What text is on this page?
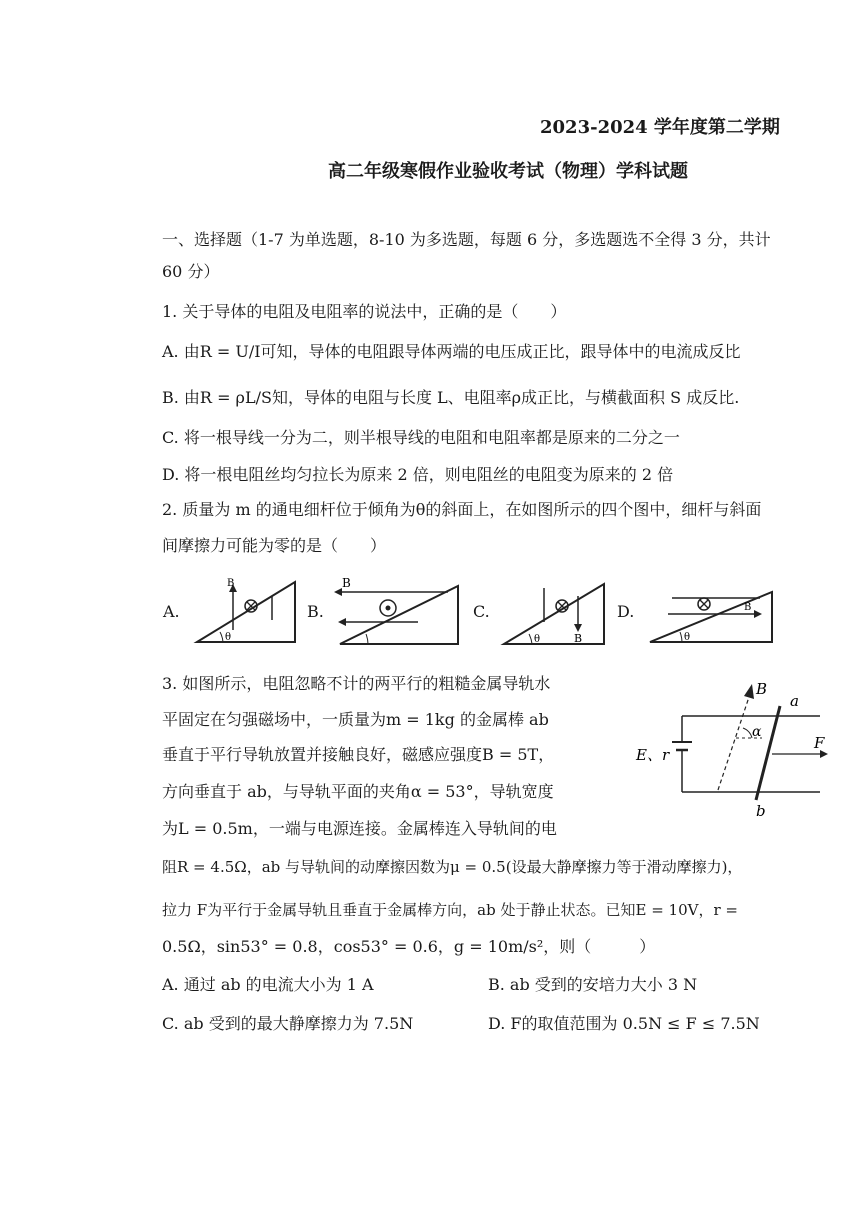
2023-2024 学年度第二学期
高二年级寒假作业验收考试（物理）学科试题
一、选择题（1-7 为单选题，8-10 为多选题，每题 6 分，多选题选不全得 3 分，共计
60 分）
1. 关于导体的电阻及电阻率的说法中，正确的是（　　）
A. 由R = U/I可知，导体的电阻跟导体两端的电压成正比，跟导体中的电流成反比
B. 由R = ρL/S知，导体的电阻与长度 L、电阻率ρ成正比，与横截面积 S 成反比.
C. 将一根导线一分为二，则半根导线的电阻和电阻率都是原来的二分之一
D. 将一根电阻丝均匀拉长为原来 2 倍，则电阻丝的电阻变为原来的 2 倍
2. 质量为 m 的通电细杆位于倾角为θ的斜面上，在如图所示的四个图中，细杆与斜面
间摩擦力可能为零的是（　　）
A.	B.	C.	D.
B
θ
B
B
θ
B
θ
3. 如图所示，电阻忽略不计的两平行的粗糙金属导轨水
平固定在匀强磁场中，一质量为m = 1kg 的金属棒 ab
垂直于平行导轨放置并接触良好，磁感应强度B = 5T，
方向垂直于 ab，与导轨平面的夹角α = 53°，导轨宽度
为L = 0.5m，一端与电源连接。金属棒连入导轨间的电
阻R = 4.5Ω，ab 与导轨间的动摩擦因数为μ = 0.5(设最大静摩擦力等于滑动摩擦力)，
拉力 F为平行于金属导轨且垂直于金属棒方向，ab 处于静止状态。已知E = 10V，r =
0.5Ω，sin53° = 0.8，cos53° = 0.6，g = 10m/s²，则（　　　）
B
a
b
α
F
E、r
A. 通过 ab 的电流大小为 1 A	B. ab 受到的安培力大小 3 N
C. ab 受到的最大静摩擦力为 7.5N	D. F的取值范围为 0.5N ≤ F ≤ 7.5N
